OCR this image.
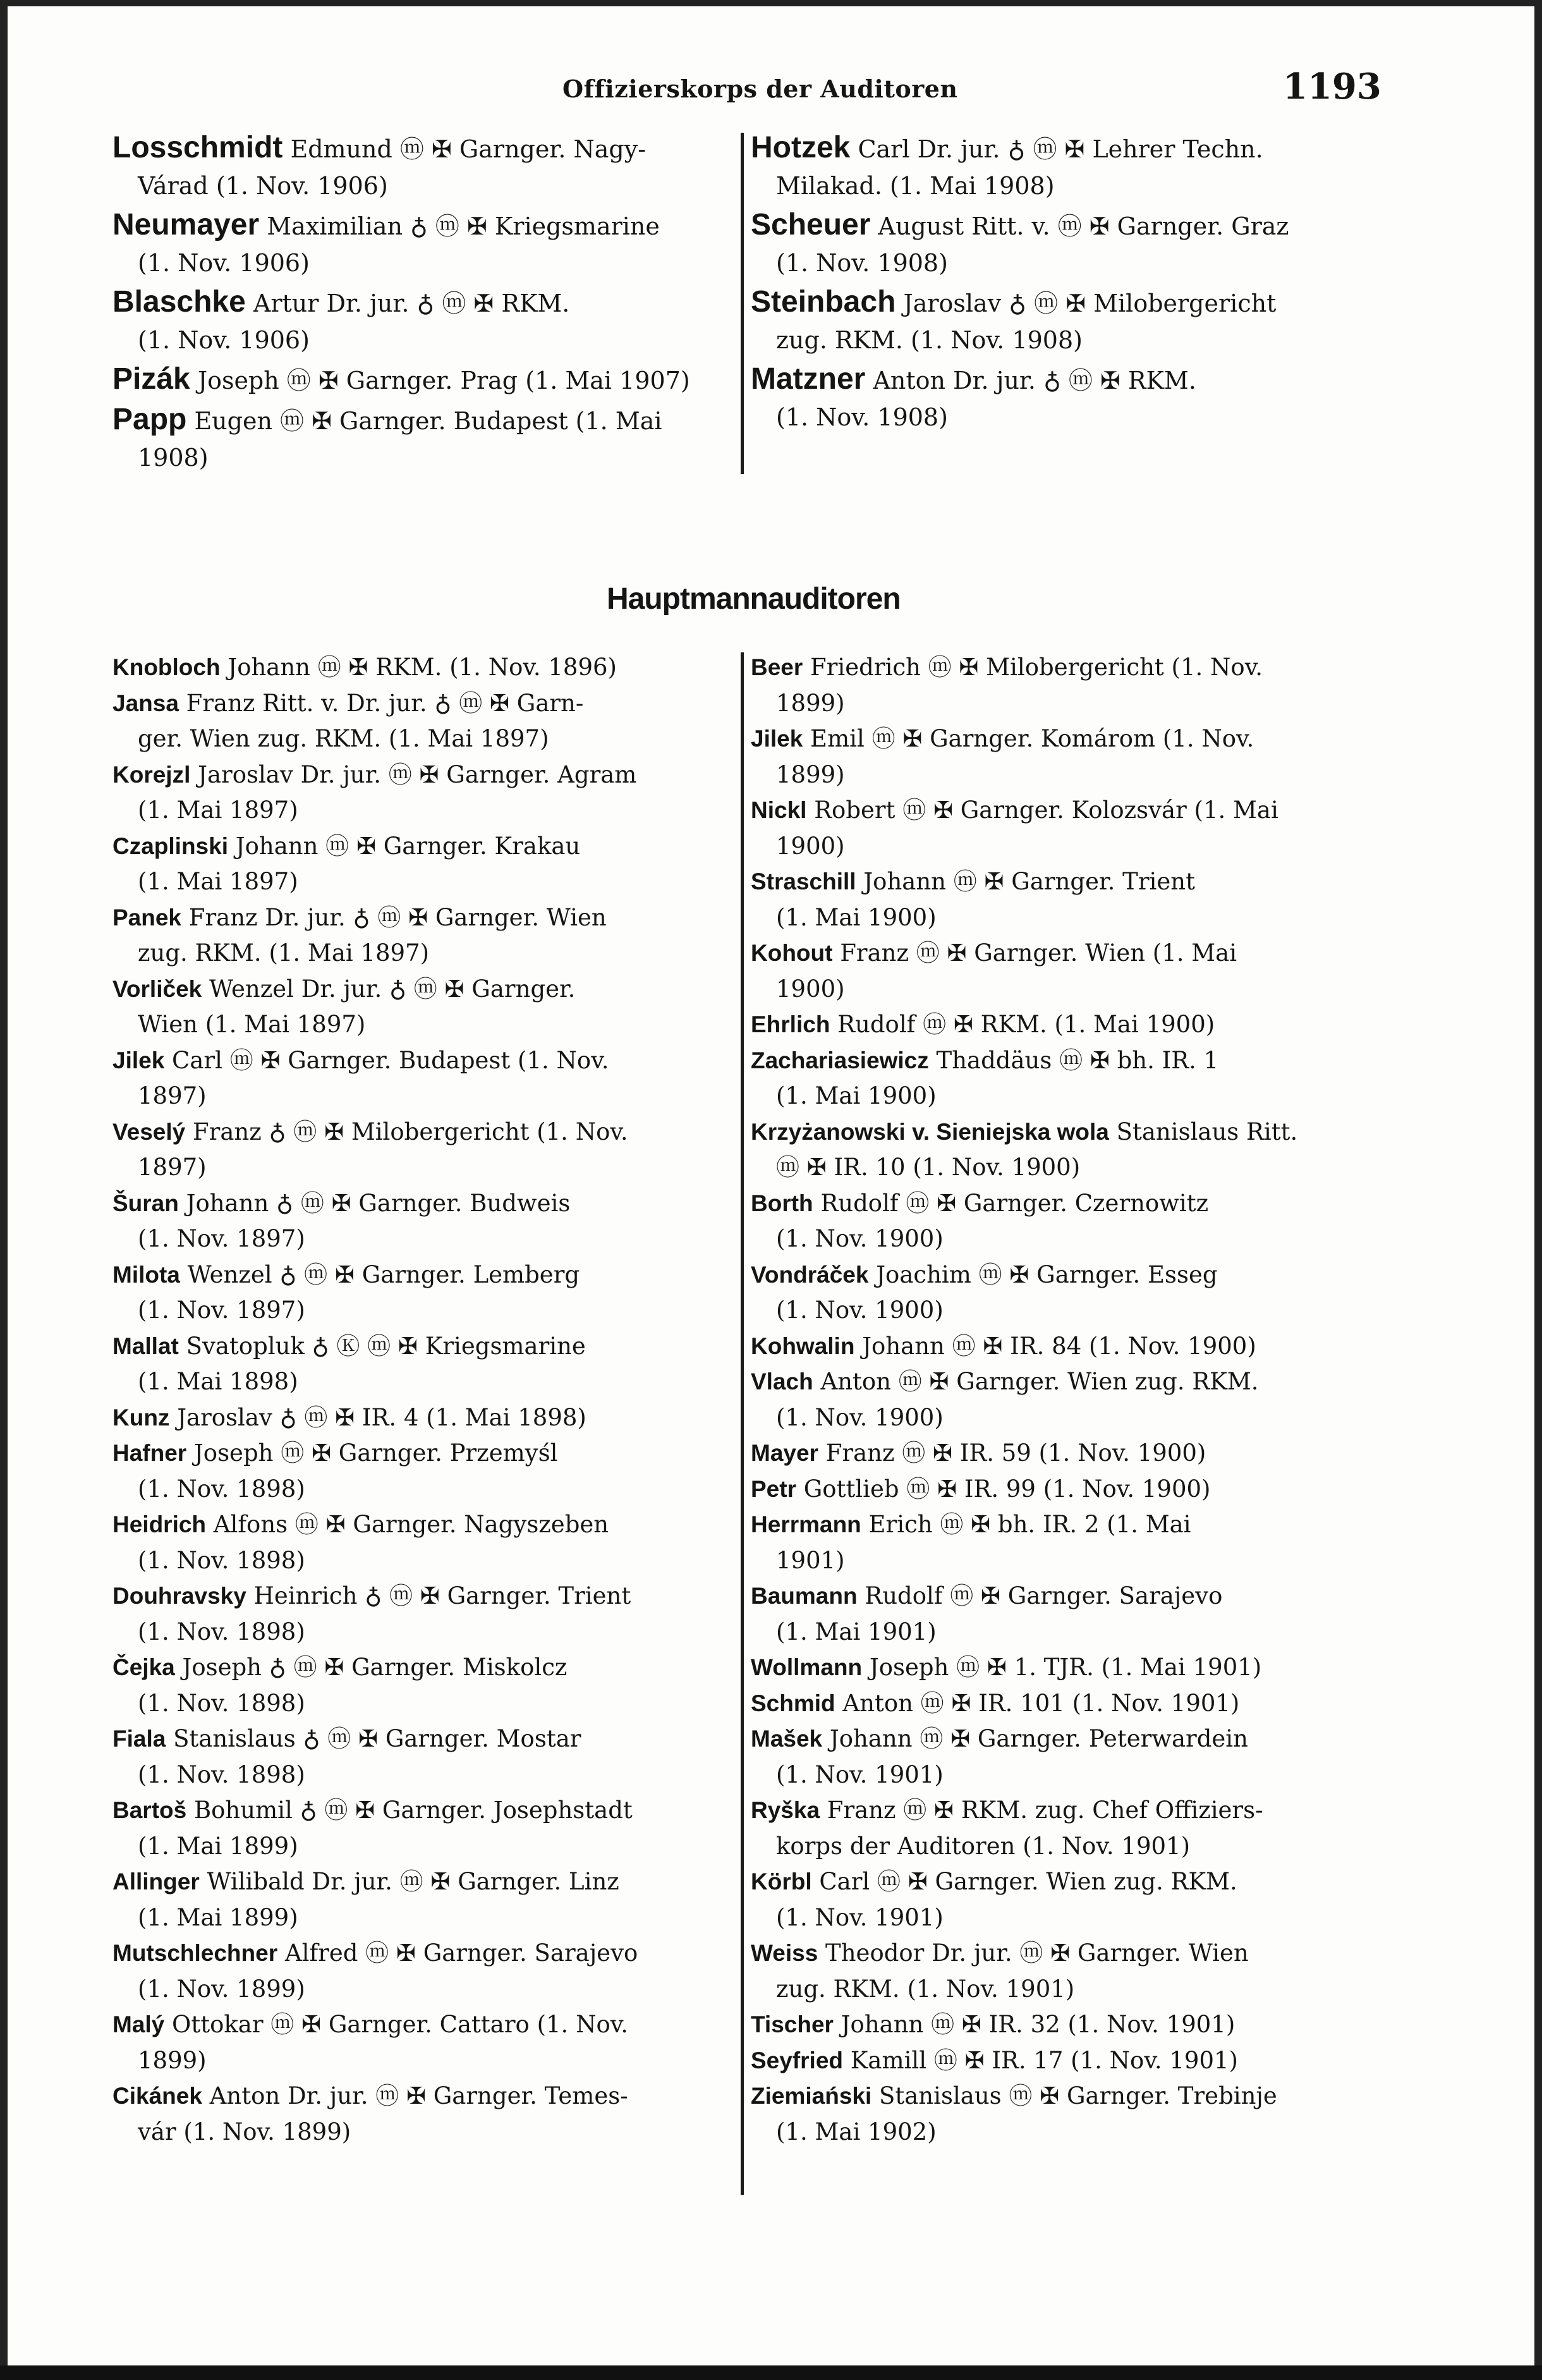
Offizierskorps der Auditoren	1193

Losschmidt Edmund ⓜ ✠ Garnger. Nagy-
Várad (1. Nov. 1906)

Neumayer Maximilian ♁ ⓜ ✠ Kriegsmarine
(1. Nov. 1906)

Blaschke Artur Dr. jur. ♁ ⓜ ✠ RKM.
(1. Nov. 1906)

Pizák Joseph ⓜ ✠ Garnger. Prag (1. Mai 1907)

Papp Eugen ⓜ ✠ Garnger. Budapest (1. Mai
1908)

Hotzek Carl Dr. jur. ♁ ⓜ ✠ Lehrer Techn.
Milakad. (1. Mai 1908)

Scheuer August Ritt. v. ⓜ ✠ Garnger. Graz
(1. Nov. 1908)

Steinbach Jaroslav ♁ ⓜ ✠ Milobergericht
zug. RKM. (1. Nov. 1908)

Matzner Anton Dr. jur. ♁ ⓜ ✠ RKM.
(1. Nov. 1908)

Hauptmannauditoren

Knobloch Johann ⓜ ✠ RKM. (1. Nov. 1896)

Jansa Franz Ritt. v. Dr. jur. ♁ ⓜ ✠ Garn-
ger. Wien zug. RKM. (1. Mai 1897)

Korejzl Jaroslav Dr. jur. ⓜ ✠ Garnger. Agram
(1. Mai 1897)

Czaplinski Johann ⓜ ✠ Garnger. Krakau
(1. Mai 1897)

Panek Franz Dr. jur. ♁ ⓜ ✠ Garnger. Wien
zug. RKM. (1. Mai 1897)

Vorliček Wenzel Dr. jur. ♁ ⓜ ✠ Garnger.
Wien (1. Mai 1897)

Jilek Carl ⓜ ✠ Garnger. Budapest (1. Nov.
1897)

Veselý Franz ♁ ⓜ ✠ Milobergericht (1. Nov.
1897)

Šuran Johann ♁ ⓜ ✠ Garnger. Budweis
(1. Nov. 1897)

Milota Wenzel ♁ ⓜ ✠ Garnger. Lemberg
(1. Nov. 1897)

Mallat Svatopluk ♁ Ⓚ ⓜ ✠ Kriegsmarine
(1. Mai 1898)

Kunz Jaroslav ♁ ⓜ ✠ IR. 4 (1. Mai 1898)

Hafner Joseph ⓜ ✠ Garnger. Przemyśl
(1. Nov. 1898)

Heidrich Alfons ⓜ ✠ Garnger. Nagyszeben
(1. Nov. 1898)

Douhravsky Heinrich ♁ ⓜ ✠ Garnger. Trient
(1. Nov. 1898)

Čejka Joseph ♁ ⓜ ✠ Garnger. Miskolcz
(1. Nov. 1898)

Fiala Stanislaus ♁ ⓜ ✠ Garnger. Mostar
(1. Nov. 1898)

Bartoš Bohumil ♁ ⓜ ✠ Garnger. Josephstadt
(1. Mai 1899)

Allinger Wilibald Dr. jur. ⓜ ✠ Garnger. Linz
(1. Mai 1899)

Mutschlechner Alfred ⓜ ✠ Garnger. Sarajevo
(1. Nov. 1899)

Malý Ottokar ⓜ ✠ Garnger. Cattaro (1. Nov.
1899)

Cikánek Anton Dr. jur. ⓜ ✠ Garnger. Temes-
vár (1. Nov. 1899)

Beer Friedrich ⓜ ✠ Milobergericht (1. Nov.
1899)

Jilek Emil ⓜ ✠ Garnger. Komárom (1. Nov.
1899)

Nickl Robert ⓜ ✠ Garnger. Kolozsvár (1. Mai
1900)

Straschill Johann ⓜ ✠ Garnger. Trient
(1. Mai 1900)

Kohout Franz ⓜ ✠ Garnger. Wien (1. Mai
1900)

Ehrlich Rudolf ⓜ ✠ RKM. (1. Mai 1900)

Zachariasiewicz Thaddäus ⓜ ✠ bh. IR. 1
(1. Mai 1900)

Krzyżanowski v. Sieniejska wola Stanislaus Ritt.
ⓜ ✠ IR. 10 (1. Nov. 1900)

Borth Rudolf ⓜ ✠ Garnger. Czernowitz
(1. Nov. 1900)

Vondráček Joachim ⓜ ✠ Garnger. Esseg
(1. Nov. 1900)

Kohwalin Johann ⓜ ✠ IR. 84 (1. Nov. 1900)

Vlach Anton ⓜ ✠ Garnger. Wien zug. RKM.
(1. Nov. 1900)

Mayer Franz ⓜ ✠ IR. 59 (1. Nov. 1900)

Petr Gottlieb ⓜ ✠ IR. 99 (1. Nov. 1900)

Herrmann Erich ⓜ ✠ bh. IR. 2 (1. Mai
1901)

Baumann Rudolf ⓜ ✠ Garnger. Sarajevo
(1. Mai 1901)

Wollmann Joseph ⓜ ✠ 1. TJR. (1. Mai 1901)

Schmid Anton ⓜ ✠ IR. 101 (1. Nov. 1901)

Mašek Johann ⓜ ✠ Garnger. Peterwardein
(1. Nov. 1901)

Ryška Franz ⓜ ✠ RKM. zug. Chef Offiziers-
korps der Auditoren (1. Nov. 1901)

Körbl Carl ⓜ ✠ Garnger. Wien zug. RKM.
(1. Nov. 1901)

Weiss Theodor Dr. jur. ⓜ ✠ Garnger. Wien
zug. RKM. (1. Nov. 1901)

Tischer Johann ⓜ ✠ IR. 32 (1. Nov. 1901)

Seyfried Kamill ⓜ ✠ IR. 17 (1. Nov. 1901)

Ziemiański Stanislaus ⓜ ✠ Garnger. Trebinje
(1. Mai 1902)
